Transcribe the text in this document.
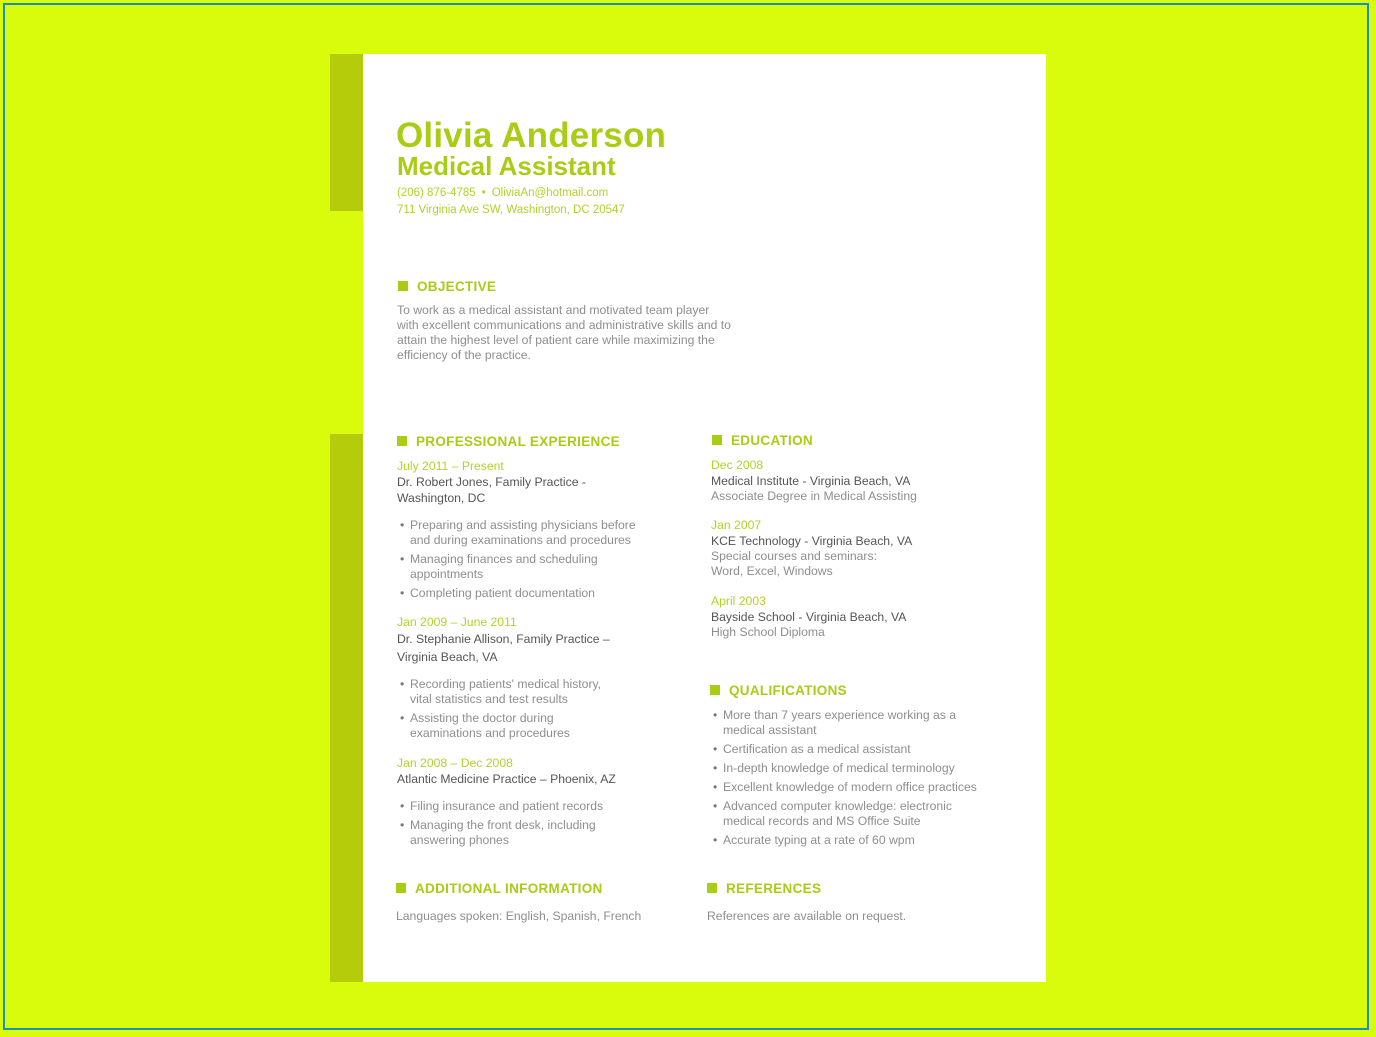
Olivia Anderson
Medical Assistant
(206) 876-4785 • OliviaAn@hotmail.com
711 Virginia Ave SW, Washington, DC 20547
OBJECTIVE
To work as a medical assistant and motivated team player
with excellent communications and administrative skills and to
attain the highest level of patient care while maximizing the
efficiency of the practice.
PROFESSIONAL EXPERIENCE
July 2011 – Present
Dr. Robert Jones, Family Practice -
Washington, DC
• Preparing and assisting physicians before
and during examinations and procedures
• Managing finances and scheduling
appointments
• Completing patient documentation
Jan 2009 – June 2011
Dr. Stephanie Allison, Family Practice –
Virginia Beach, VA
• Recording patients' medical history,
vital statistics and test results
• Assisting the doctor during
examinations and procedures
Jan 2008 – Dec 2008
Atlantic Medicine Practice – Phoenix, AZ
• Filing insurance and patient records
• Managing the front desk, including
answering phones
EDUCATION
Dec 2008
Medical Institute - Virginia Beach, VA
Associate Degree in Medical Assisting
Jan 2007
KCE Technology - Virginia Beach, VA
Special courses and seminars:
Word, Excel, Windows
April 2003
Bayside School - Virginia Beach, VA
High School Diploma
QUALIFICATIONS
• More than 7 years experience working as a
medical assistant
• Certification as a medical assistant
• In-depth knowledge of medical terminology
• Excellent knowledge of modern office practices
• Advanced computer knowledge: electronic
medical records and MS Office Suite
• Accurate typing at a rate of 60 wpm
ADDITIONAL INFORMATION
Languages spoken: English, Spanish, French
REFERENCES
References are available on request.
